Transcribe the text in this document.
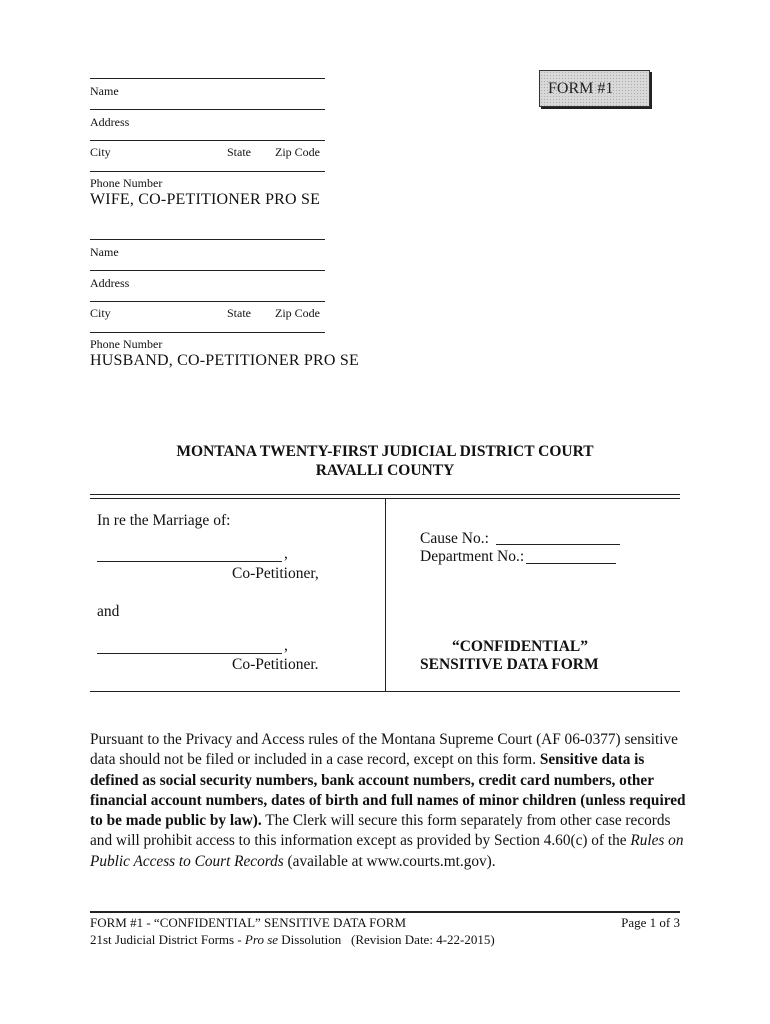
FORM #1
Name
Address
City	State Zip Code
Phone Number
WIFE, CO-PETITIONER PRO SE
Name
Address
City	State Zip Code
Phone Number
HUSBAND, CO-PETITIONER PRO SE
MONTANA TWENTY-FIRST JUDICIAL DISTRICT COURT
RAVALLI COUNTY
In re the Marriage of:
,
Co-Petitioner,
and
,
Co-Petitioner.
Cause No.:
Department No.:
“CONFIDENTIAL”
SENSITIVE DATA FORM
Pursuant to the Privacy and Access rules of the Montana Supreme Court (AF 06-0377) sensitive data should not be filed or included in a case record, except on this form. Sensitive data is defined as social security numbers, bank account numbers, credit card numbers, other financial account numbers, dates of birth and full names of minor children (unless required to be made public by law). The Clerk will secure this form separately from other case records and will prohibit access to this information except as provided by Section 4.60(c) of the Rules on Public Access to Court Records (available at www.courts.mt.gov).
FORM #1 - “CONFIDENTIAL” SENSITIVE DATA FORM	Page 1 of 3
21st Judicial District Forms - Pro se Dissolution   (Revision Date: 4-22-2015)
